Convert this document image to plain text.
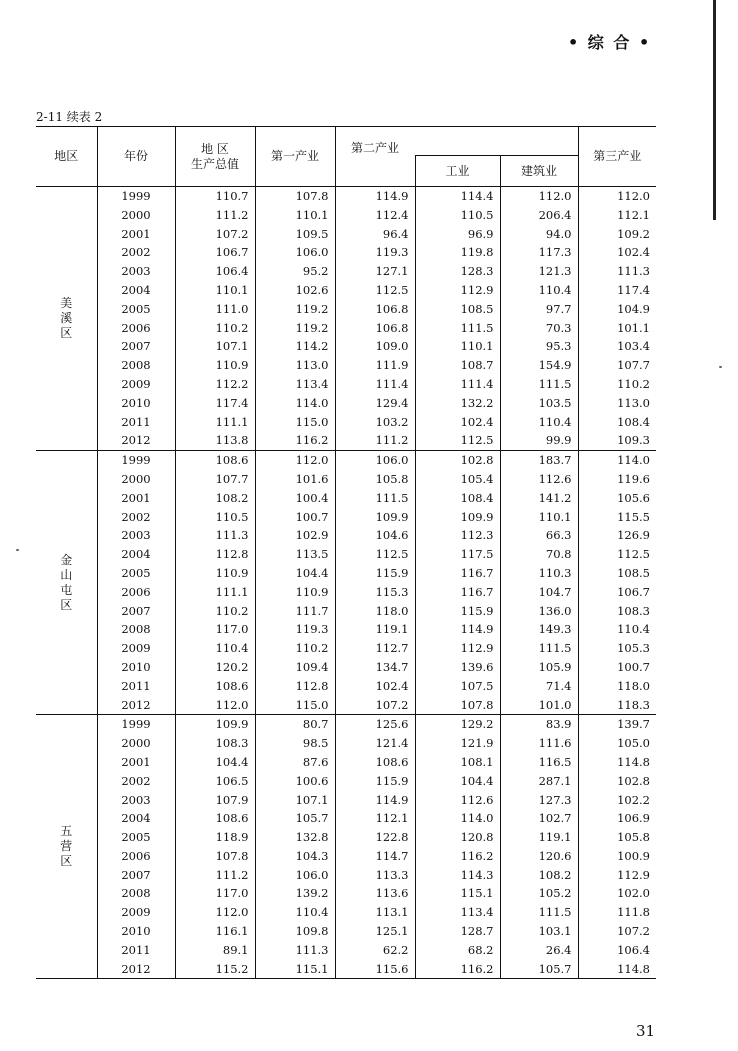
• 综 合 •
2-11 续表 2
地区	年份	地 区
生产总值	第一产业	第二产业			第三产业
					工业	建筑业	

美
溪
区	1999	110.7	107.8	114.9	114.4	112.0	112.0
	2000	111.2	110.1	112.4	110.5	206.4	112.1
	2001	107.2	109.5	96.4	96.9	94.0	109.2
	2002	106.7	106.0	119.3	119.8	117.3	102.4
	2003	106.4	95.2	127.1	128.3	121.3	111.3
	2004	110.1	102.6	112.5	112.9	110.4	117.4
	2005	111.0	119.2	106.8	108.5	97.7	104.9
	2006	110.2	119.2	106.8	111.5	70.3	101.1
	2007	107.1	114.2	109.0	110.1	95.3	103.4
	2008	110.9	113.0	111.9	108.7	154.9	107.7
	2009	112.2	113.4	111.4	111.4	111.5	110.2
	2010	117.4	114.0	129.4	132.2	103.5	113.0
	2011	111.1	115.0	103.2	102.4	110.4	108.4
	2012	113.8	116.2	111.2	112.5	99.9	109.3

金
山
屯
区	1999	108.6	112.0	106.0	102.8	183.7	114.0
	2000	107.7	101.6	105.8	105.4	112.6	119.6
	2001	108.2	100.4	111.5	108.4	141.2	105.6
	2002	110.5	100.7	109.9	109.9	110.1	115.5
	2003	111.3	102.9	104.6	112.3	66.3	126.9
	2004	112.8	113.5	112.5	117.5	70.8	112.5
	2005	110.9	104.4	115.9	116.7	110.3	108.5
	2006	111.1	110.9	115.3	116.7	104.7	106.7
	2007	110.2	111.7	118.0	115.9	136.0	108.3
	2008	117.0	119.3	119.1	114.9	149.3	110.4
	2009	110.4	110.2	112.7	112.9	111.5	105.3
	2010	120.2	109.4	134.7	139.6	105.9	100.7
	2011	108.6	112.8	102.4	107.5	71.4	118.0
	2012	112.0	115.0	107.2	107.8	101.0	118.3

五
营
区	1999	109.9	80.7	125.6	129.2	83.9	139.7
	2000	108.3	98.5	121.4	121.9	111.6	105.0
	2001	104.4	87.6	108.6	108.1	116.5	114.8
	2002	106.5	100.6	115.9	104.4	287.1	102.8
	2003	107.9	107.1	114.9	112.6	127.3	102.2
	2004	108.6	105.7	112.1	114.0	102.7	106.9
	2005	118.9	132.8	122.8	120.8	119.1	105.8
	2006	107.8	104.3	114.7	116.2	120.6	100.9
	2007	111.2	106.0	113.3	114.3	108.2	112.9
	2008	117.0	139.2	113.6	115.1	105.2	102.0
	2009	112.0	110.4	113.1	113.4	111.5	111.8
	2010	116.1	109.8	125.1	128.7	103.1	107.2
	2011	89.1	111.3	62.2	68.2	26.4	106.4
	2012	115.2	115.1	115.6	116.2	105.7	114.8
31
